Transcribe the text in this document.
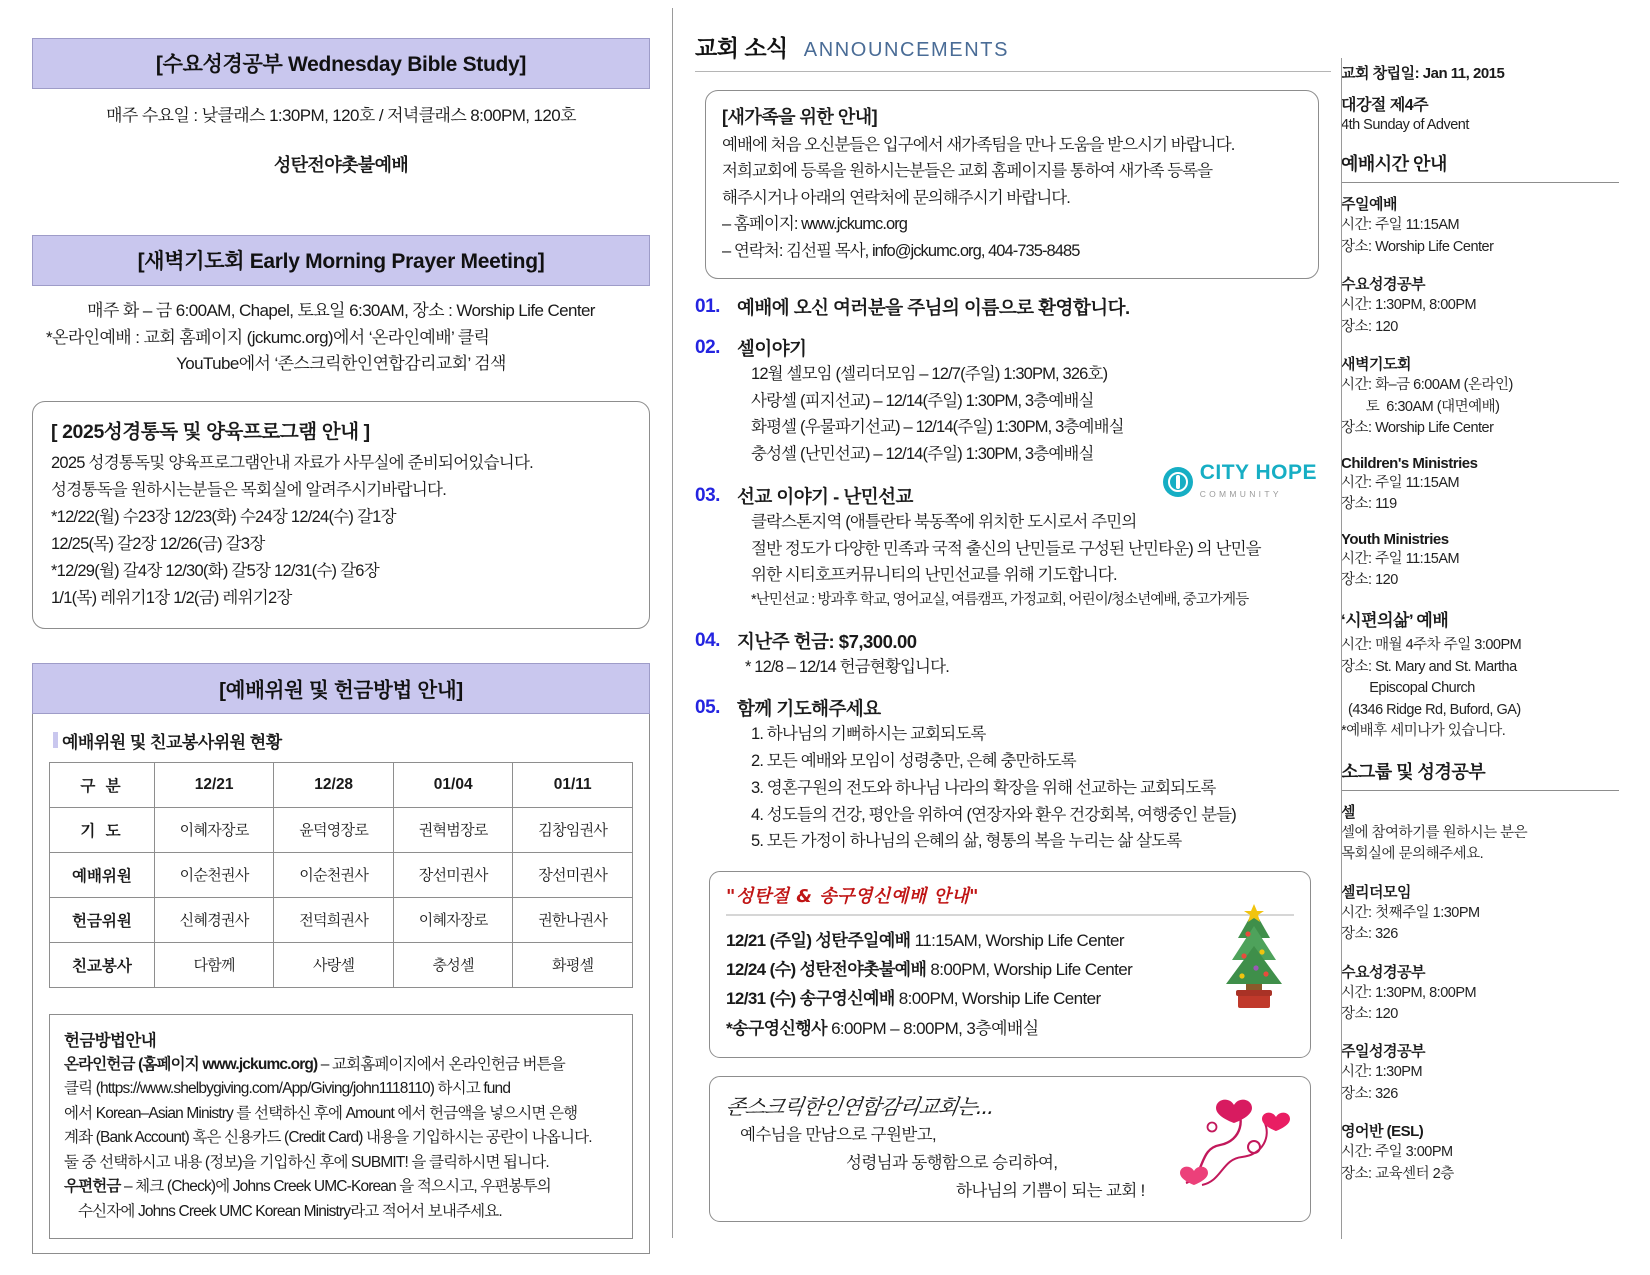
[수요성경공부 Wednesday Bible Study]
매주 수요일 : 낮클래스 1:30PM, 120호 / 저녁클래스 8:00PM, 120호
성탄전야촛불예배
[새벽기도회 Early Morning Prayer Meeting]
매주 화 – 금 6:00AM, Chapel, 토요일 6:30AM, 장소 : Worship Life Center
*온라인예배 : 교회 홈페이지 (jckumc.org)에서 ‘온라인예배’ 클릭
YouTube에서 ‘존스크릭한인연합감리교회’ 검색
[ 2025성경통독 및 양육프로그램 안내 ]
2025 성경통독및 양육프로그램안내 자료가 사무실에 준비되어있습니다.
성경통독을 원하시는분들은 목회실에 알려주시기바랍니다.
*12/22(월) 수23장 12/23(화) 수24장 12/24(수) 갈1장
12/25(목) 갈2장 12/26(금) 갈3장
*12/29(월) 갈4장 12/30(화) 갈5장 12/31(수) 갈6장
1/1(목) 레위기1장 1/2(금) 레위기2장
[예배위원 및 헌금방법 안내]
예배위원 및 친교봉사위원 현황
구 분	12/21	12/28	01/04	01/11
기 도	이혜자장로	윤덕영장로	권혁범장로	김창임권사
예배위원	이순천권사	이순천권사	장선미권사	장선미권사
헌금위원	신혜경권사	전덕희권사	이혜자장로	권한나권사
친교봉사	다함께	사랑셀	충성셀	화평셀
헌금방법안내
온라인헌금 (홈페이지 www.jckumc.org) – 교회홈페이지에서 온라인헌금 버튼을
클릭 (https://www.shelbygiving.com/App/Giving/john1118110) 하시고 fund
에서 Korean–Asian Ministry 를 선택하신 후에 Amount 에서 헌금액을 넣으시면 은행
계좌 (Bank Account) 혹은 신용카드 (Credit Card) 내용을 기입하시는 공란이 나옵니다.
둘 중 선택하시고 내용 (정보)을 기입하신 후에 SUBMIT! 을 클릭하시면 됩니다.
우편헌금 – 체크 (Check)에 Johns Creek UMC-Korean 을 적으시고, 우편봉투의
수신자에 Johns Creek UMC Korean Ministry라고 적어서 보내주세요.
교회 소식 ANNOUNCEMENTS
[새가족을 위한 안내]
예배에 처음 오신분들은 입구에서 새가족팀을 만나 도움을 받으시기 바랍니다.
저희교회에 등록을 원하시는분들은 교회 홈페이지를 통하여 새가족 등록을
해주시거나 아래의 연락처에 문의해주시기 바랍니다.
– 홈페이지: www.jckumc.org
– 연락처: 김선필 목사, info@jckumc.org, 404-735-8485
01. 예배에 오신 여러분을 주님의 이름으로 환영합니다.
02. 셀이야기
12월 셀모임 (셀리더모임 – 12/7(주일) 1:30PM, 326호)
사랑셀 (피지선교) – 12/14(주일) 1:30PM, 3층예배실
화평셀 (우물파기선교) – 12/14(주일) 1:30PM, 3층예배실
충성셀 (난민선교) – 12/14(주일) 1:30PM, 3층예배실
03. 선교 이야기 - 난민선교
클락스톤지역 (애틀란타 북동쪽에 위치한 도시로서 주민의
절반 정도가 다양한 민족과 국적 출신의 난민들로 구성된 난민타운) 의 난민을
위한 시티호프커뮤니티의 난민선교를 위해 기도합니다.
*난민선교 : 방과후 학교, 영어교실, 여름캠프, 가정교회, 어린이/청소년예배, 중고가게등
CITY HOPE
COMMUNITY
04. 지난주 헌금: $7,300.00
* 12/8 – 12/14 헌금현황입니다.
05. 함께 기도해주세요
1. 하나님의 기뻐하시는 교회되도록
2. 모든 예배와 모임이 성령충만, 은혜 충만하도록
3. 영혼구원의 전도와 하나님 나라의 확장을 위해 선교하는 교회되도록
4. 성도들의 건강, 평안을 위하여 (연장자와 환우 건강회복, 여행중인 분들)
5. 모든 가정이 하나님의 은혜의 삶, 형통의 복을 누리는 삶 살도록
"성탄절 & 송구영신예배 안내"
12/21 (주일) 성탄주일예배 11:15AM, Worship Life Center
12/24 (수) 성탄전야촛불예배 8:00PM, Worship Life Center
12/31 (수) 송구영신예배 8:00PM, Worship Life Center
*송구영신행사 6:00PM – 8:00PM, 3층예배실
존스크릭한인연합감리교회는...
예수님을 만남으로 구원받고,
성령님과 동행함으로 승리하여,
하나님의 기쁨이 되는 교회 !
교회 창립일: Jan 11, 2015
대강절 제4주
4th Sunday of Advent
예배시간 안내
주일예배
시간: 주일 11:15AM
장소: Worship Life Center
수요성경공부
시간: 1:30PM, 8:00PM
장소: 120
새벽기도회
시간: 화–금 6:00AM (온라인)
토  6:30AM (대면예배)
장소: Worship Life Center
Children's Ministries
시간: 주일 11:15AM
장소: 119
Youth Ministries
시간: 주일 11:15AM
장소: 120
‘시편의삶’ 예배
시간: 매월 4주차 주일 3:00PM
장소: St. Mary and St. Martha
Episcopal Church
(4346 Ridge Rd, Buford, GA)
*예배후 세미나가 있습니다.
소그룹 및 성경공부
셀
셀에 참여하기를 원하시는 분은
목회실에 문의해주세요.
셀리더모임
시간: 첫째주일 1:30PM
장소: 326
수요성경공부
시간: 1:30PM, 8:00PM
장소: 120
주일성경공부
시간: 1:30PM
장소: 326
영어반 (ESL)
시간: 주일 3:00PM
장소: 교육센터 2층
